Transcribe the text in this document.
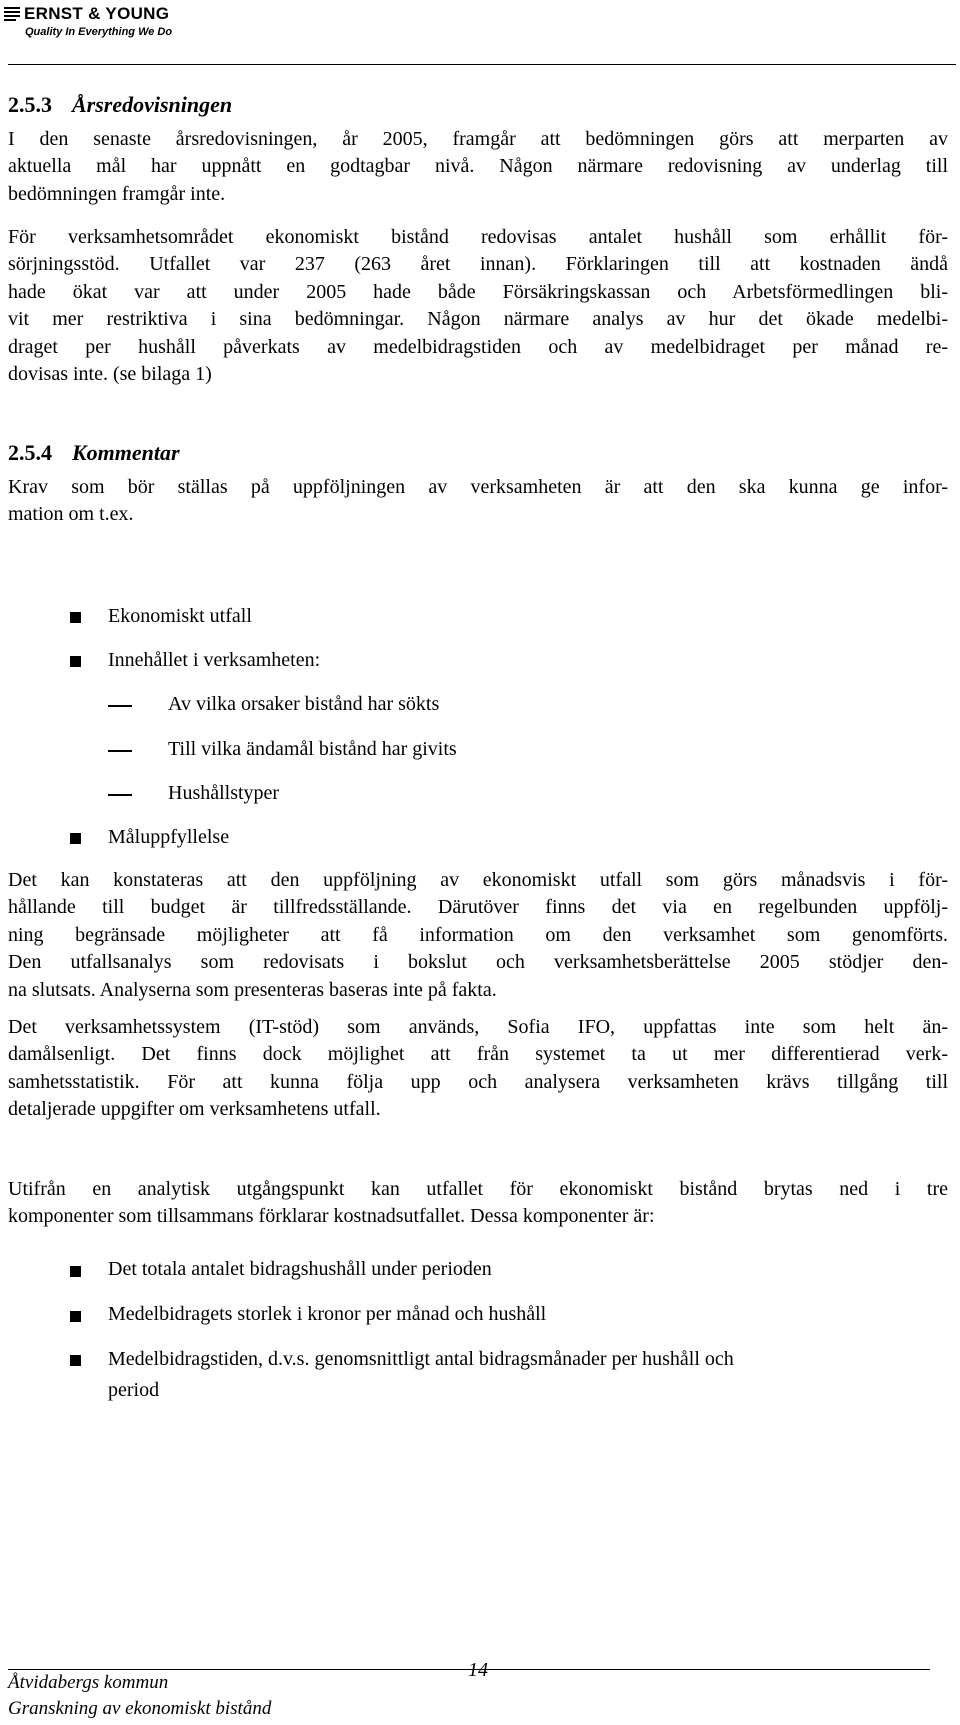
ERNST & YOUNG
Quality In Everything We Do
2.5.3 Årsredovisningen
I den senaste årsredovisningen, år 2005, framgår att bedömningen görs att merparten av
aktuella mål har uppnått en godtagbar nivå. Någon närmare redovisning av underlag till
bedömningen framgår inte.
För verksamhetsområdet ekonomiskt bistånd redovisas antalet hushåll som erhållit för-
sörjningsstöd. Utfallet var 237 (263 året innan). Förklaringen till att kostnaden ändå
hade ökat var att under 2005 hade både Försäkringskassan och Arbetsförmedlingen bli-
vit mer restriktiva i sina bedömningar. Någon närmare analys av hur det ökade medelbi-
draget per hushåll påverkats av medelbidragstiden och av medelbidraget per månad re-
dovisas inte. (se bilaga 1)
2.5.4 Kommentar
Krav som bör ställas på uppföljningen av verksamheten är att den ska kunna ge infor-
mation om t.ex.
Ekonomiskt utfall
Innehållet i verksamheten:
Av vilka orsaker bistånd har sökts
Till vilka ändamål bistånd har givits
Hushållstyper
Måluppfyllelse
Det kan konstateras att den uppföljning av ekonomiskt utfall som görs månadsvis i för-
hållande till budget är tillfredsställande. Därutöver finns det via en regelbunden uppfölj-
ning begränsade möjligheter att få information om den verksamhet som genomförts.
Den utfallsanalys som redovisats i bokslut och verksamhetsberättelse 2005 stödjer den-
na slutsats. Analyserna som presenteras baseras inte på fakta.
Det verksamhetssystem (IT-stöd) som används, Sofia IFO, uppfattas inte som helt än-
damålsenligt. Det finns dock möjlighet att från systemet ta ut mer differentierad verk-
samhetsstatistik. För att kunna följa upp och analysera verksamheten krävs tillgång till
detaljerade uppgifter om verksamhetens utfall.
Utifrån en analytisk utgångspunkt kan utfallet för ekonomiskt bistånd brytas ned i tre
komponenter som tillsammans förklarar kostnadsutfallet. Dessa komponenter är:
Det totala antalet bidragshushåll under perioden
Medelbidragets storlek i kronor per månad och hushåll
Medelbidragstiden, d.v.s. genomsnittligt antal bidragsmånader per hushåll och
period
Åtvidabergs kommun
Granskning av ekonomiskt bistånd
14
